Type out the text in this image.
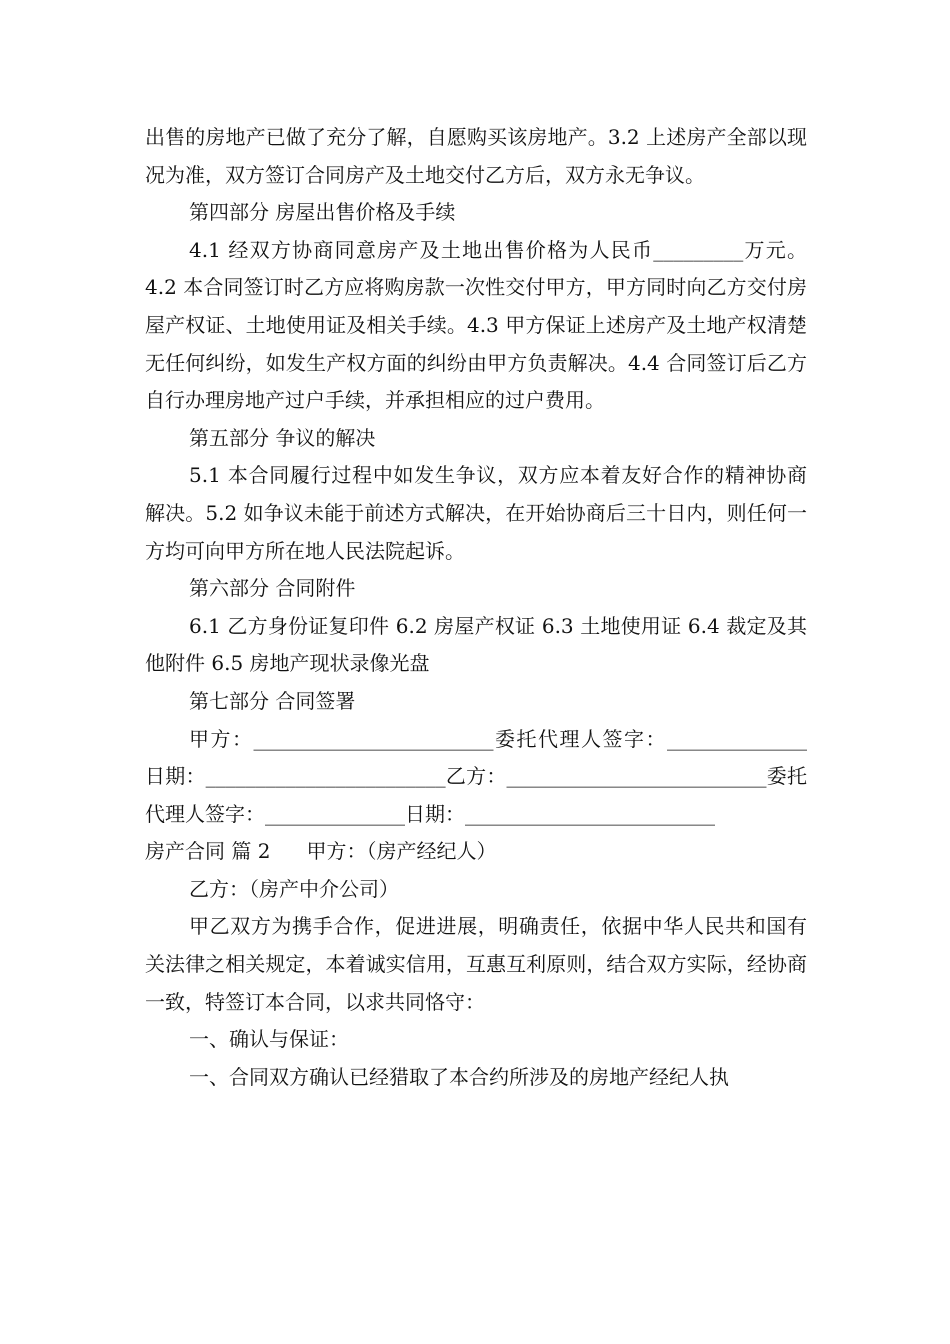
出售的房地产已做了充分了解，自愿购买该房地产。3.2 上述房产全部以现况为准，双方签订合同房产及土地交付乙方后，双方永无争议。

第四部分 房屋出售价格及手续

4.1 经双方协商同意房产及土地出售价格为人民币_________万元。4.2 本合同签订时乙方应将购房款一次性交付甲方，甲方同时向乙方交付房屋产权证、土地使用证及相关手续。4.3 甲方保证上述房产及土地产权清楚无任何纠纷，如发生产权方面的纠纷由甲方负责解决。4.4 合同签订后乙方自行办理房地产过户手续，并承担相应的过户费用。

第五部分 争议的解决

5.1 本合同履行过程中如发生争议，双方应本着友好合作的精神协商解决。5.2 如争议未能于前述方式解决，在开始协商后三十日内，则任何一方均可向甲方所在地人民法院起诉。

第六部分 合同附件

6.1 乙方身份证复印件 6.2 房屋产权证 6.3 土地使用证 6.4 裁定及其他附件 6.5 房地产现状录像光盘

第七部分 合同签署

甲方：________________________委托代理人签字：______________日期：________________________乙方：__________________________委托代理人签字：______________日期：_________________________

房产合同 篇 2 甲方：（房产经纪人）

乙方：（房产中介公司）

甲乙双方为携手合作，促进进展，明确责任，依据中华人民共和国有关法律之相关规定，本着诚实信用，互惠互利原则，结合双方实际，经协商一致，特签订本合同，以求共同恪守：

一、确认与保证：

一、合同双方确认已经猎取了本合约所涉及的房地产经纪人执
